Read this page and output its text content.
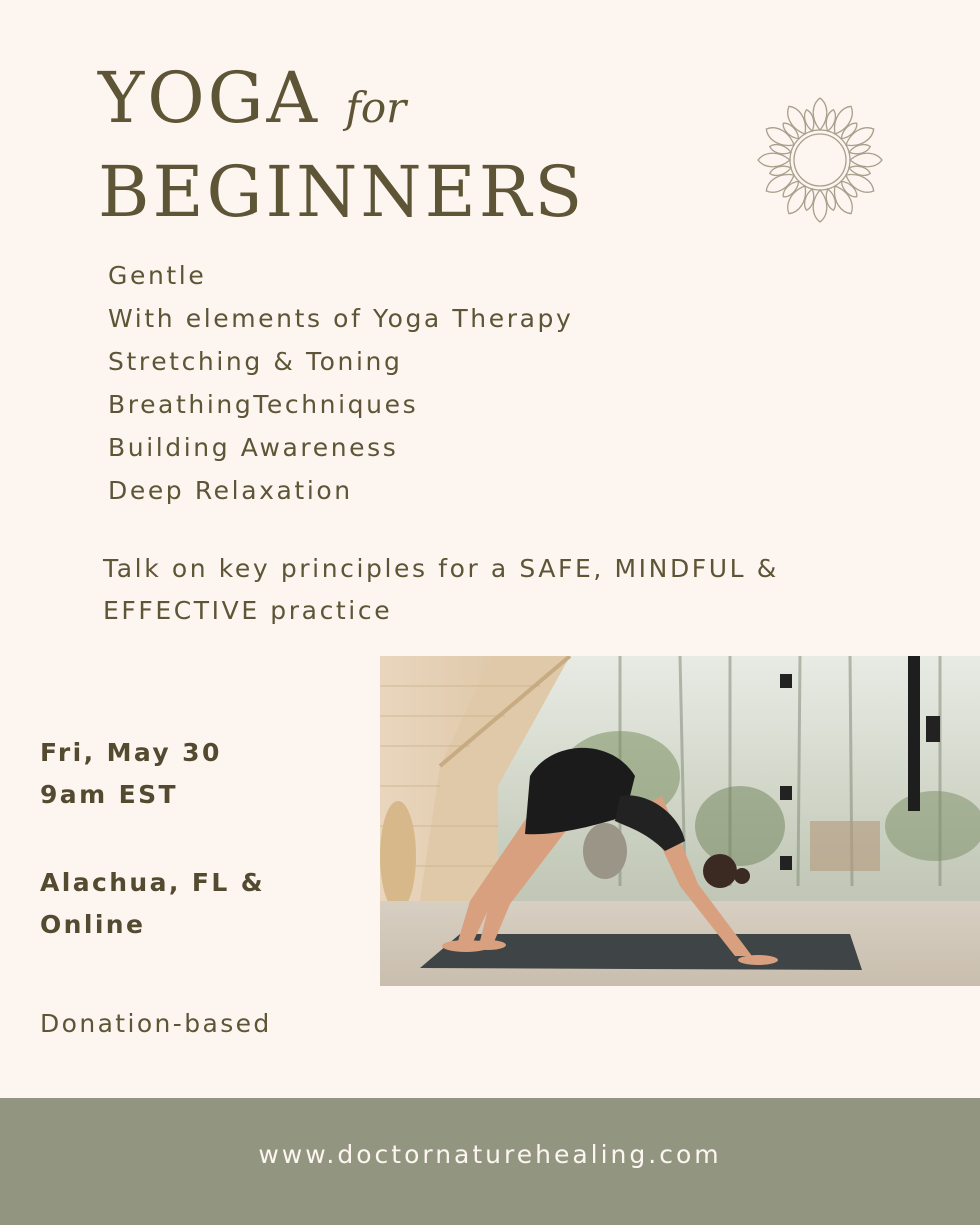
YOGA for
BEGINNERS
Gentle
With elements of Yoga Therapy
Stretching & Toning
BreathingTechniques
Building Awareness
Deep Relaxation
Talk on key principles for a SAFE, MINDFUL &
EFFECTIVE practice
Fri, May 30
9am EST
Alachua, FL &
Online
Donation-based
www.doctornaturehealing.com
